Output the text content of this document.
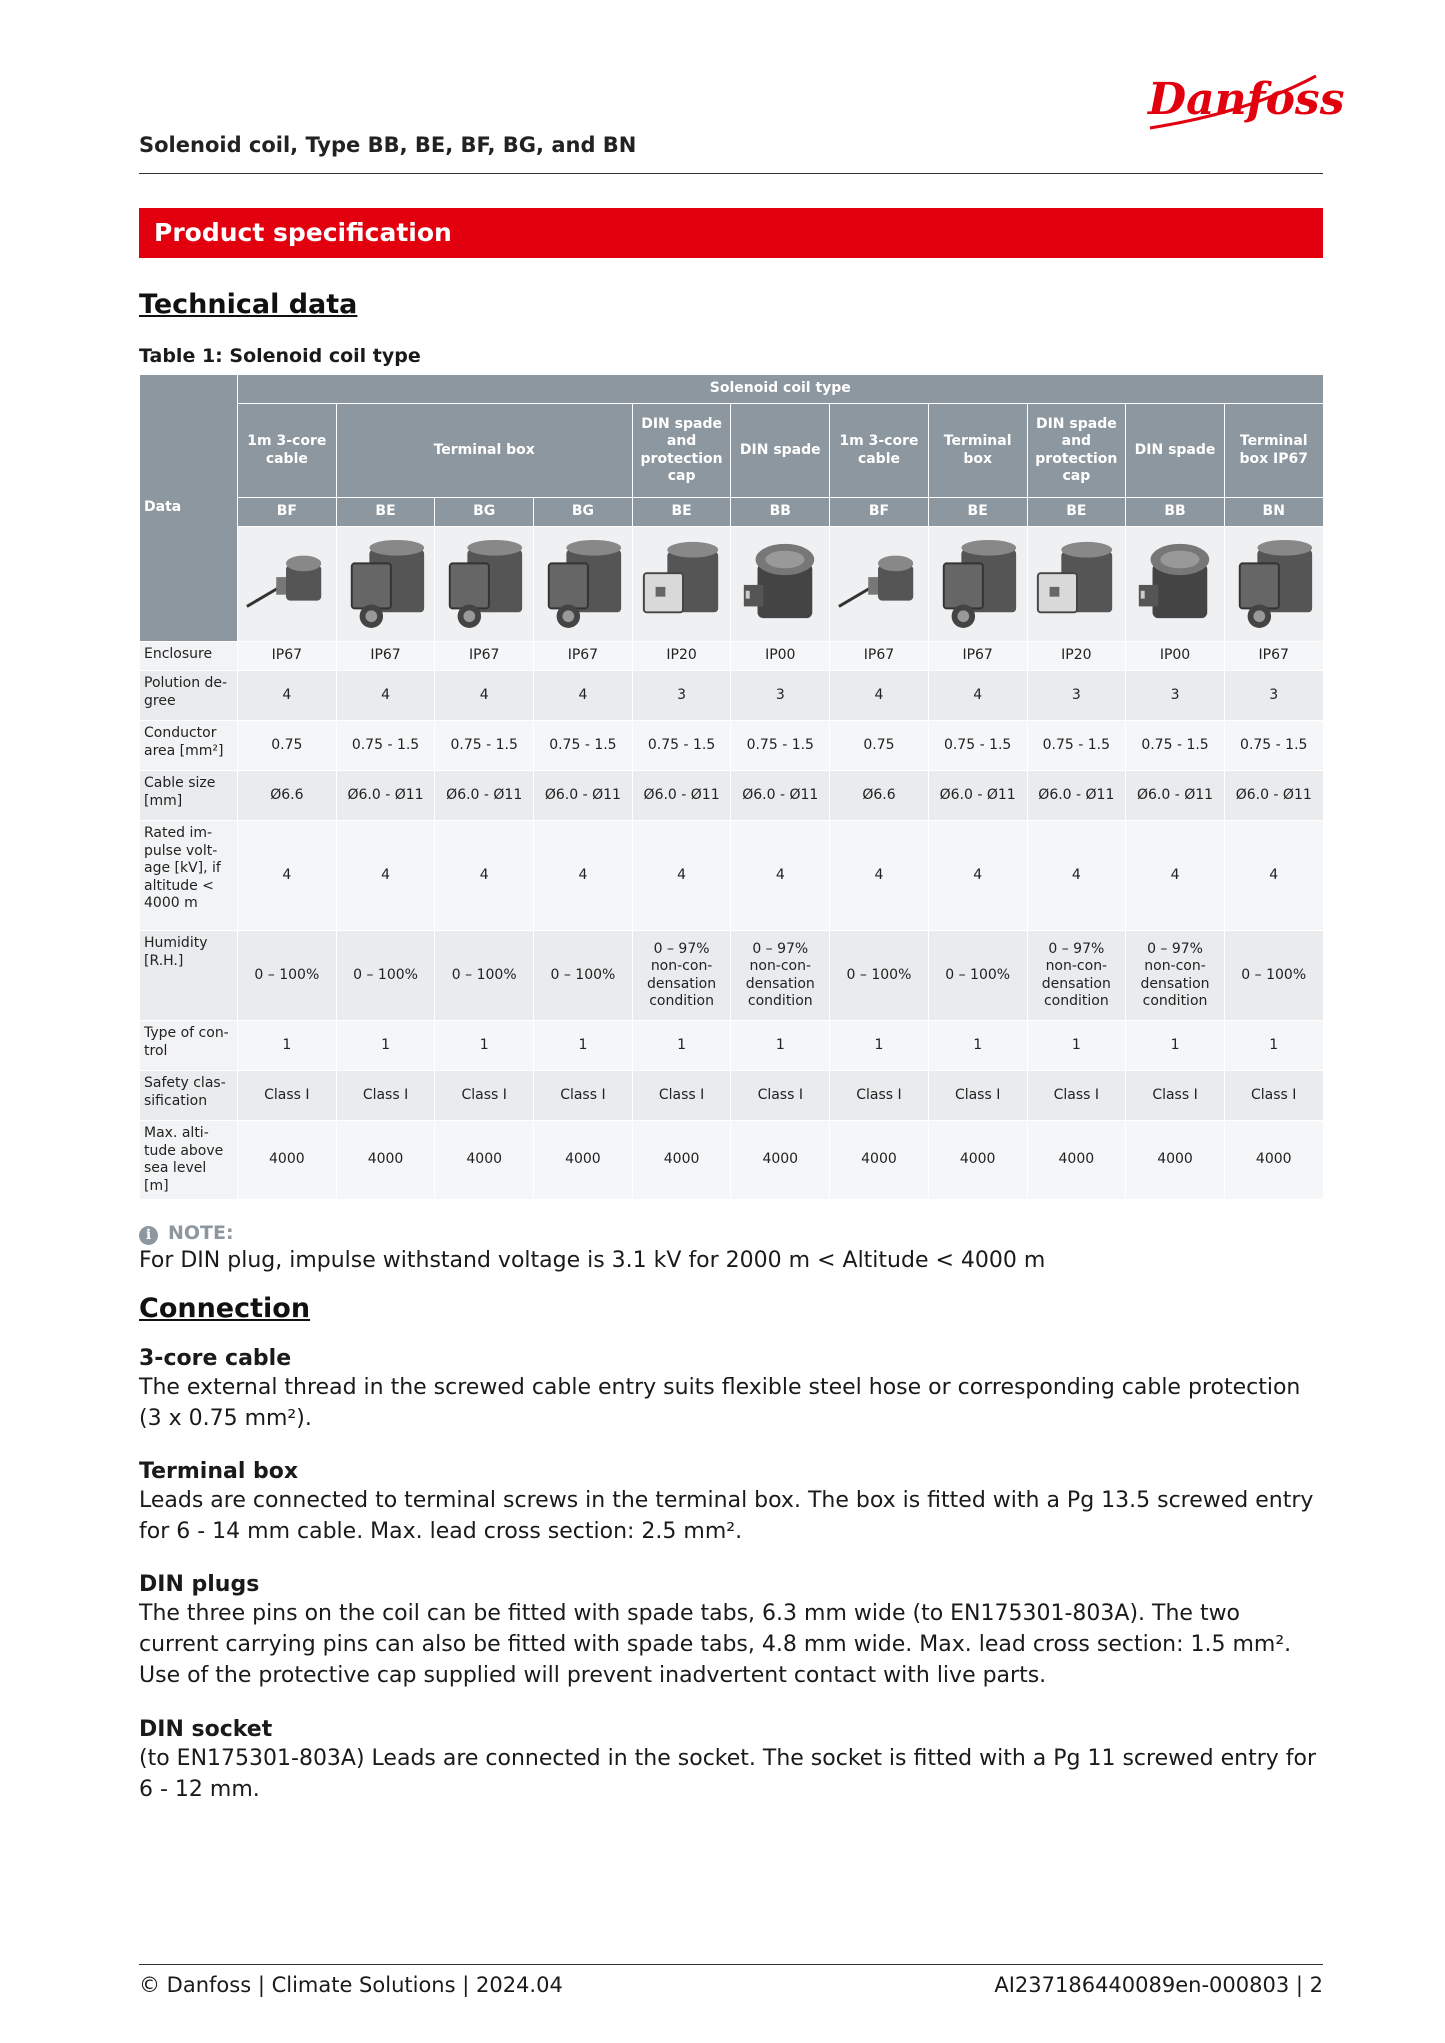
Danfoss
Solenoid coil, Type BB, BE, BF, BG, and BN
Product specification
Technical data
Table 1: Solenoid coil type
Data	Solenoid coil type										
	1m 3-core cable	Terminal box			DIN spade and protection cap	DIN spade	1m 3-core cable	Terminal box	DIN spade and protection cap	DIN spade	Terminal box IP67
	BF	BE	BG	BG	BE	BB	BF	BE	BE	BB	BN

Enclosure	IP67	IP67	IP67	IP67	IP20	IP00	IP67	IP67	IP20	IP00	IP67
Polution de-gree	4	4	4	4	3	3	4	4	3	3	3
Conductor area [mm²]	0.75	0.75 - 1.5	0.75 - 1.5	0.75 - 1.5	0.75 - 1.5	0.75 - 1.5	0.75	0.75 - 1.5	0.75 - 1.5	0.75 - 1.5	0.75 - 1.5
Cable size [mm]	Ø6.6	Ø6.0 - Ø11	Ø6.0 - Ø11	Ø6.0 - Ø11	Ø6.0 - Ø11	Ø6.0 - Ø11	Ø6.6	Ø6.0 - Ø11	Ø6.0 - Ø11	Ø6.0 - Ø11	Ø6.0 - Ø11
Rated im-pulse volt-age [kV], if altitude < 4000 m	4	4	4	4	4	4	4	4	4	4	4
Humidity [R.H.]	0 – 100%	0 – 100%	0 – 100%	0 – 100%	0 – 97% non-con-densation condition	0 – 97% non-con-densation condition	0 – 100%	0 – 100%	0 – 97% non-con-densation condition	0 – 97% non-con-densation condition	0 – 100%
Type of con-trol	1	1	1	1	1	1	1	1	1	1	1
Safety clas-sification	Class I	Class I	Class I	Class I	Class I	Class I	Class I	Class I	Class I	Class I	Class I
Max. alti-tude above sea level [m]	4000	4000	4000	4000	4000	4000	4000	4000	4000	4000	4000
i NOTE:
For DIN plug, impulse withstand voltage is 3.1 kV for 2000 m < Altitude < 4000 m
Connection
3-core cable
The external thread in the screwed cable entry suits flexible steel hose or corresponding cable protection (3 x 0.75 mm²).
Terminal box
Leads are connected to terminal screws in the terminal box. The box is fitted with a Pg 13.5 screwed entry for 6 - 14 mm cable. Max. lead cross section: 2.5 mm².
DIN plugs
The three pins on the coil can be fitted with spade tabs, 6.3 mm wide (to EN175301-803A). The two current carrying pins can also be fitted with spade tabs, 4.8 mm wide. Max. lead cross section: 1.5 mm². Use of the protective cap supplied will prevent inadvertent contact with live parts.
DIN socket
(to EN175301-803A) Leads are connected in the socket. The socket is fitted with a Pg 11 screwed entry for 6 - 12 mm.
© Danfoss | Climate Solutions | 2024.04	AI237186440089en-000803 | 2
